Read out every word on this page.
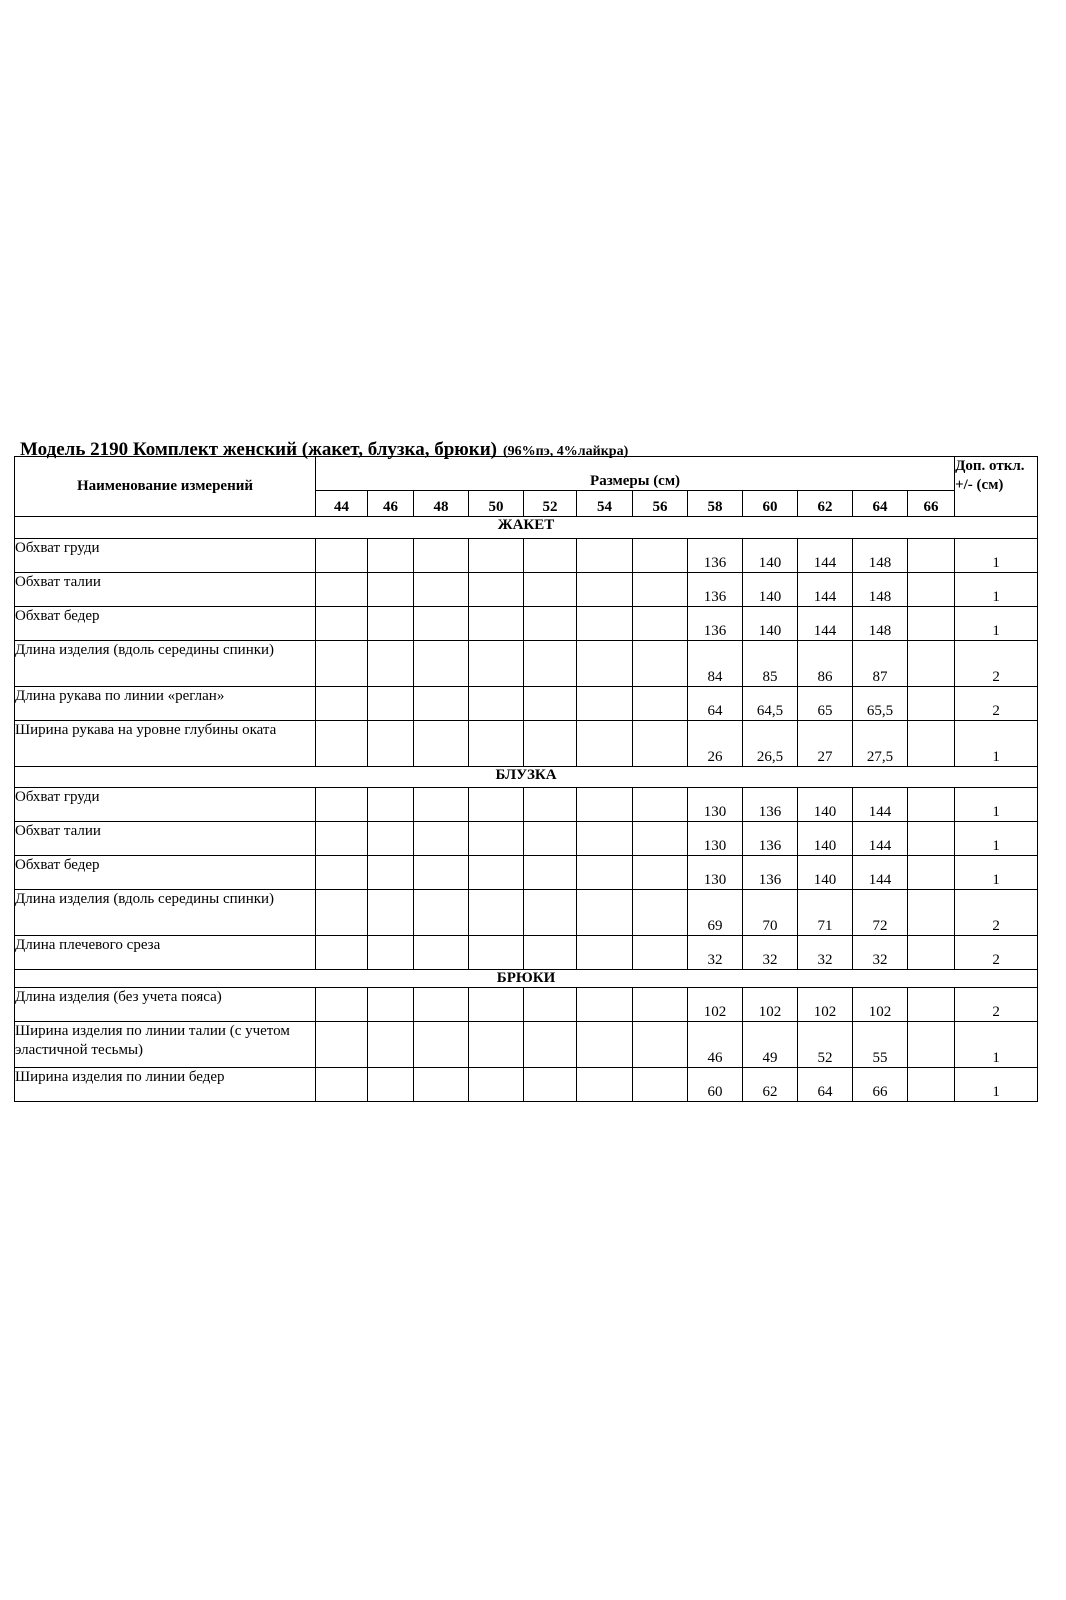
Модель 2190 Комплект женский (жакет, блузка, брюки) (96%пэ, 4%лайкра)
Наименование измерений	Размеры (см)												Доп. откл. +/- (см)
	44	46	48	50	52	54	56	58	60	62	64	66	
ЖАКЕТ													
Обхват груди								136	140	144	148		1
Обхват талии								136	140	144	148		1
Обхват бедер								136	140	144	148		1
Длина изделия (вдоль середины спинки)								84	85	86	87		2
Длина рукава по линии «реглан»								64	64,5	65	65,5		2
Ширина рукава на уровне глубины оката								26	26,5	27	27,5		1
БЛУЗКА													
Обхват груди								130	136	140	144		1
Обхват талии								130	136	140	144		1
Обхват бедер								130	136	140	144		1
Длина изделия (вдоль середины спинки)								69	70	71	72		2
Длина плечевого среза								32	32	32	32		2
БРЮКИ													
Длина изделия (без учета пояса)								102	102	102	102		2
Ширина изделия по линии талии (с учетом эластичной тесьмы)								46	49	52	55		1
Ширина изделия по линии бедер								60	62	64	66		1
